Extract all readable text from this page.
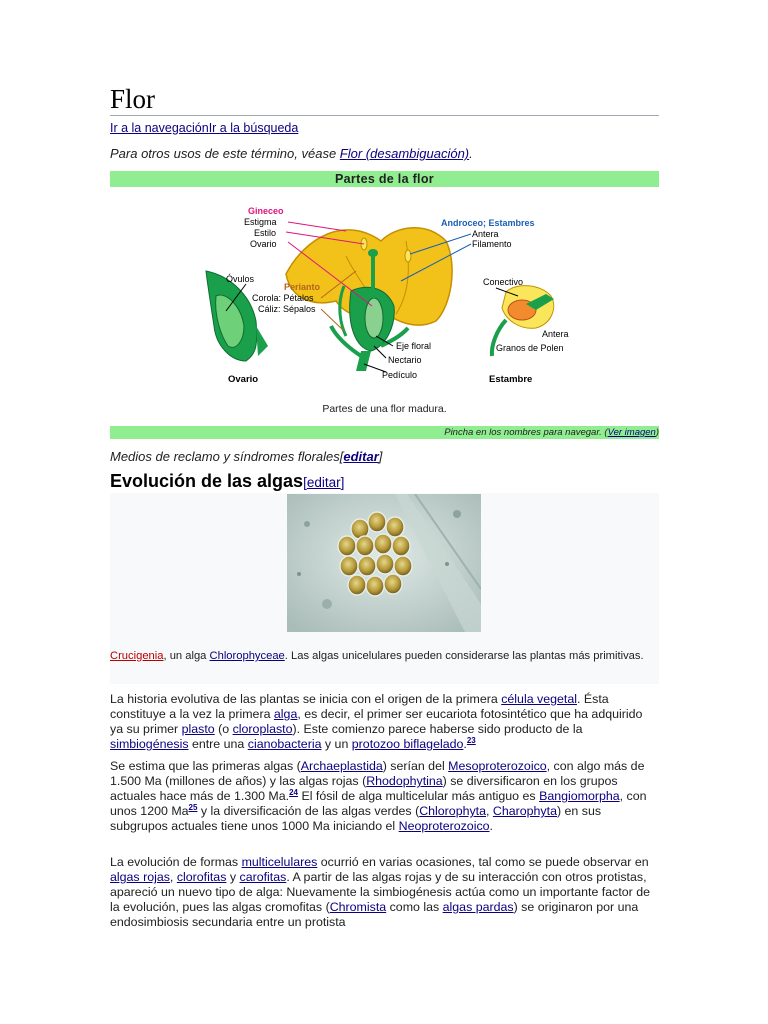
Flor
Ir a la navegaciónIr a la búsqueda
Para otros usos de este término, véase Flor (desambiguación).
Partes de la flor
Gineceo
Estigma
Estilo
Ovario
Androceo; Estambres
Antera
Filamento
Óvulos
Perianto
Corola: Pétalos
Cáliz: Sépalos
Conectivo
Antera
Granos de Polen
Eje floral
Nectario
Pedículo
Ovario	Estambre
Partes de una flor madura.
Pincha en los nombres para navegar. (Ver imagen)
Medios de reclamo y síndromes florales[editar]
Evolución de las algas[editar]
Crucigenia, un alga Chlorophyceae. Las algas unicelulares pueden considerarse las plantas más primitivas.

La historia evolutiva de las plantas se inicia con el origen de la primera célula vegetal. Ésta constituye a la vez la primera alga, es decir, el primer ser eucariota fotosintético que ha adquirido ya su primer plasto (o cloroplasto). Este comienzo parece haberse sido producto de la simbiogénesis entre una cianobacteria y un protozoo biflagelado.$^{23}$

Se estima que las primeras algas (Archaeplastida) serían del Mesoproterozoico, con algo más de 1.500 Ma (millones de años) y las algas rojas (Rhodophytina) se diversificaron en los grupos actuales hace más de 1.300 Ma.$^{24}$ El fósil de alga multicelular más antiguo es Bangiomorpha, con unos 1200 Ma$^{25}$ y la diversificación de las algas verdes (Chlorophyta, Charophyta) en sus subgrupos actuales tiene unos 1000 Ma iniciando el Neoproterozoico.

La evolución de formas multicelulares ocurrió en varias ocasiones, tal como se puede observar en algas rojas, clorofitas y carofitas. A partir de las algas rojas y de su interacción con otros protistas, apareció un nuevo tipo de alga: Nuevamente la simbiogénesis actúa como un importante factor de la evolución, pues las algas cromofitas (Chromista como las algas pardas) se originaron por una endosimbiosis secundaria entre un protista
